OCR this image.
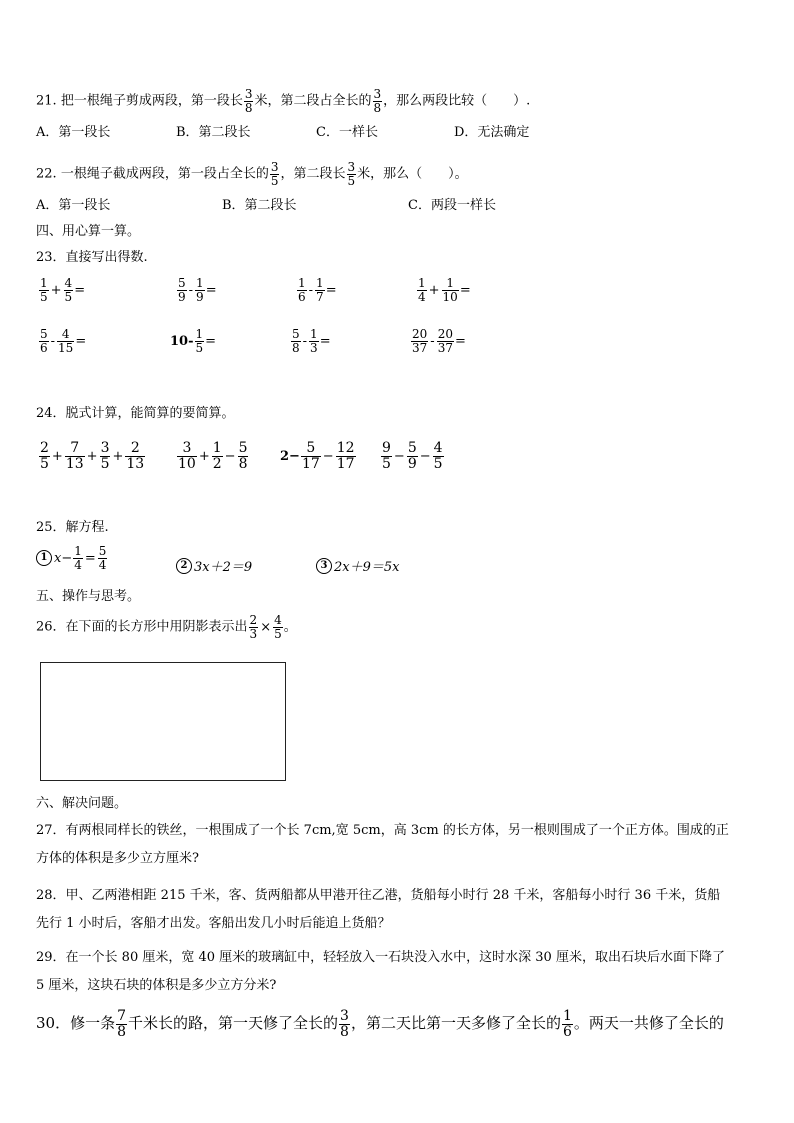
21. 把一根绳子剪成两段，第一段长 $\frac{3}{8}$ 米，第二段占全长的 $\frac{3}{8}$ ，那么两段比较（　　）.
A．第一段长	B．第二段长	C．一样长	D．无法确定
22. 一根绳子截成两段，第一段占全长的 $\frac{3}{5}$ ，第二段长 $\frac{3}{5}$ 米，那么（　　）。
A．第一段长	B．第二段长	C．两段一样长
四、用心算一算。
23．直接写出得数.
$\frac{1}{5} + \frac{4}{5}$ =	$\frac{5}{9} - \frac{1}{9}$ =	$\frac{1}{6} - \frac{1}{7}$ =	$\frac{1}{4} + \frac{1}{10}$ =
$\frac{5}{6} - \frac{4}{15}$ =	$10- \frac{1}{5}$ =	$\frac{5}{8} - \frac{1}{3}$ =	$\frac{20}{37} - \frac{20}{37}$ =
24．脱式计算，能简算的要简算。
$\frac{2}{5} + \frac{7}{13} + \frac{3}{5} + \frac{2}{13} \frac{3}{10} + \frac{1}{2} - \frac{5}{8} 2- \frac{5}{17} - \frac{12}{17} \frac{9}{5} - \frac{5}{9} - \frac{4}{5}$
25．解方程.
1 $x- \frac{1}{4} = \frac{5}{4}$	2 3x＋2＝9	3 2x＋9＝5x
五、操作与思考。
26．在下面的长方形中用阴影表示出 $\frac{2}{3} \times \frac{4}{5}$ 。
六、解决问题。
27．有两根同样长的铁丝，一根围成了一个长 7cm,宽 5cm，高 3cm 的长方体，另一根则围成了一个正方体。围成的正
方体的体积是多少立方厘米?
28．甲、乙两港相距 215 千米，客、货两船都从甲港开往乙港，货船每小时行 28 千米，客船每小时行 36 千米，货船
先行 1 小时后，客船才出发。客船出发几小时后能追上货船？
29．在一个长 80 厘米，宽 40 厘米的玻璃缸中，轻轻放入一石块没入水中，这时水深 30 厘米，取出石块后水面下降了
5 厘米，这块石块的体积是多少立方分米?
30．修一条 $\frac{7}{8}$ 千米长的路，第一天修了全长的 $\frac{3}{8}$ ，第二天比第一天多修了全长的 $\frac{1}{6}$ 。两天一共修了全长的
